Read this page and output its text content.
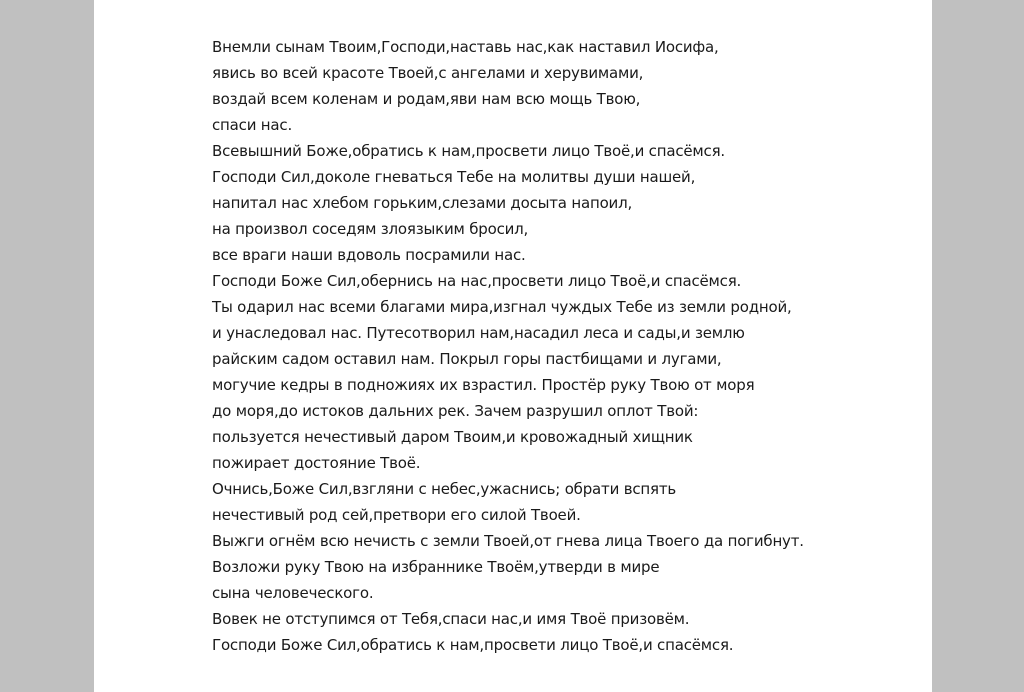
Внемли сынам Твоим,Господи,наставь нас,как наставил Иосифа,
явись во всей красоте Твоей,с ангелами и херувимами,
воздай всем коленам и родам,яви нам всю мощь Твою,
спаси нас.
Всевышний Боже,обратись к нам,просвети лицо Твоё,и спасёмся.
Господи Сил,доколе гневаться Тебе на молитвы души нашей,
напитал нас хлебом горьким,слезами досыта напоил,
на произвол соседям злоязыким бросил,
все враги наши вдоволь посрамили нас.
Господи Боже Сил,обернись на нас,просвети лицо Твоё,и спасёмся.
Ты одарил нас всеми благами мира,изгнал чуждых Тебе из земли родной,
и унаследовал нас. Путесотворил нам,насадил леса и сады,и землю
райским садом оставил нам. Покрыл горы пастбищами и лугами,
могучие кедры в подножиях их взрастил. Простёр руку Твою от моря
до моря,до истоков дальних рек. Зачем разрушил оплот Твой:
пользуется нечестивый даром Твоим,и кровожадный хищник
пожирает достояние Твоё.
Очнись,Боже Сил,взгляни с небес,ужаснись; обрати вспять
нечестивый род сей,претвори его силой Твоей.
Выжги огнём всю нечисть с земли Твоей,от гнева лица Твоего да погибнут.
Возложи руку Твою на избраннике Твоём,утверди в мире
сына человеческого.
Вовек не отступимся от Тебя,спаси нас,и имя Твоё призовём.
Господи Боже Сил,обратись к нам,просвети лицо Твоё,и спасёмся.
